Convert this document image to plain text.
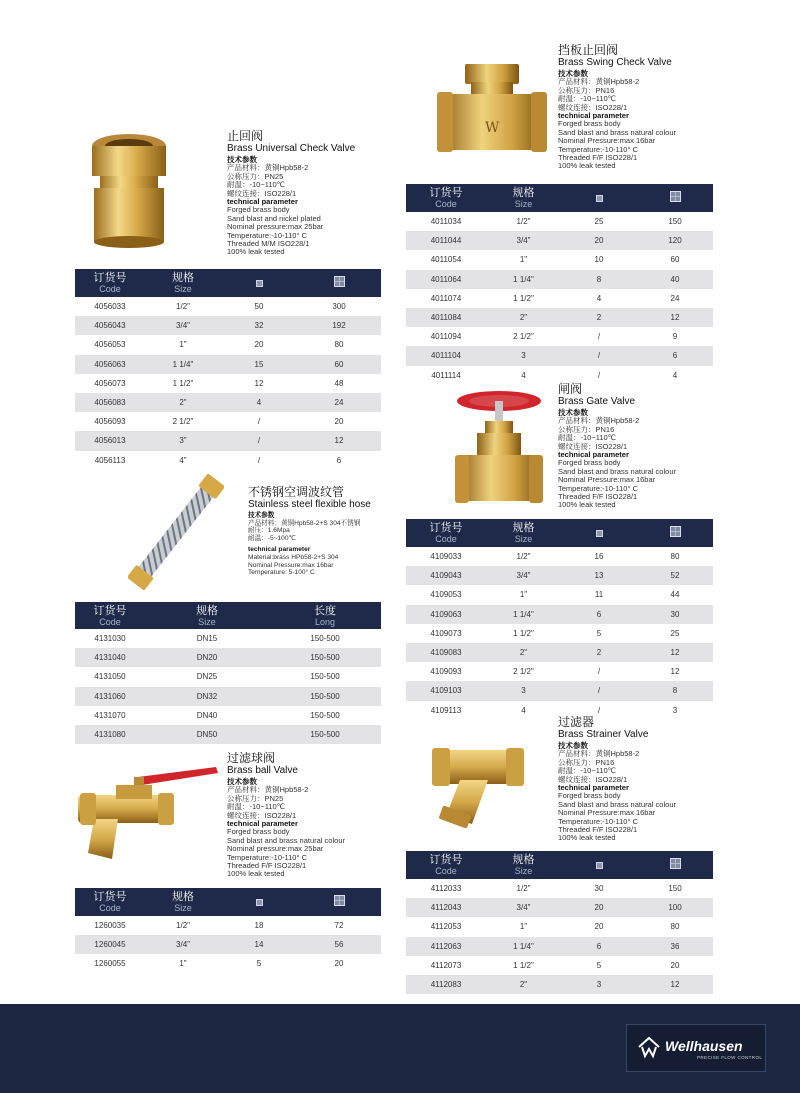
止回阀
Brass Universal Check Valve
技术参数
产品材料：黄铜Hpb58-2
公称压力：PN25
耐温：-10~110℃
螺纹连接：ISO228/1
technical parameter
Forged brass body
Sand blast and nickel plated
Nominal pressure:max 25bar
Temperature:-10-110° C
Threaded M/M ISO228/1
100% leak tested
订货号
Code	规格
Size		

4056033	1/2"	50	300
4056043	3/4"	32	192
4056053	1"	20	80
4056063	1 1/4"	15	60
4056073	1 1/2"	12	48
4056083	2"	4	24
4056093	2 1/2"	/	20
4056013	3"	/	12
4056113	4"	/	6
W
挡板止回阀
Brass Swing Check Valve
技术参数
产品材料：黄铜Hpb58-2
公称压力：PN16
耐温：-10~110℃
螺纹连接：ISO228/1
technical parameter
Forged brass body
Sand blast and brass natural colour
Nominal Pressure:max 16bar
Temperature:-10-110° C
Threaded F/F ISO228/1
100% leak tested
订货号
Code	规格
Size		

4011034	1/2"	25	150
4011044	3/4"	20	120
4011054	1"	10	60
4011064	1 1/4"	8	40
4011074	1 1/2"	4	24
4011084	2"	2	12
4011094	2 1/2"	/	9
4011104	3	/	6
4011114	4	/	4
不锈钢空调波纹管
Stainless steel flexible hose
技术参数
产品材料：黄铜Hpb58-2+S 304不锈钢
耐压：1.6Mpa
耐温：-5~100℃
technical parameter
Material:brass HPb58-2+S 304
Nominal Pressure:max 16bar
Temperature: 5-100° C
订货号
Code	规格
Size	长度
Long

4131030	DN15	150-500
4131040	DN20	150-500
4131050	DN25	150-500
4131060	DN32	150-500
4131070	DN40	150-500
4131080	DN50	150-500
闸阀
Brass Gate Valve
技术参数
产品材料：黄铜Hpb58-2
公称压力：PN16
耐温：-10~110℃
螺纹连接：ISO228/1
technical parameter
Forged brass body
Sand blast and brass natural colour
Nominal Pressure:max 16bar
Temperature:-10-110° C
Threaded F/F ISO228/1
100% leak tested
订货号
Code	规格
Size		

4109033	1/2"	16	80
4109043	3/4"	13	52
4109053	1"	11	44
4109063	1 1/4"	6	30
4109073	1 1/2"	5	25
4109083	2"	2	12
4109093	2 1/2"	/	12
4109103	3	/	8
4109113	4	/	3
过滤球阀
Brass ball Valve
技术参数
产品材料：黄铜Hpb58-2
公称压力：PN25
耐温：-10~110℃
螺纹连接：ISO228/1
technical parameter
Forged brass body
Sand blast and brass natural colour
Nominal pressure:max 25bar
Temperature:-10-110° C
Threaded F/F ISO228/1
100% leak tested
订货号
Code	规格
Size		

1260035	1/2"	18	72
1260045	3/4"	14	56
1260055	1"	5	20
过滤器
Brass Strainer Valve
技术参数
产品材料：黄铜Hpb58-2
公称压力：PN16
耐温：-10~110℃
螺纹连接：ISO228/1
technical parameter
Forged brass body
Sand blast and brass natural colour
Nominal Pressure:max 16bar
Temperature:-10-110° C
Threaded F/F ISO228/1
100% leak tested
订货号
Code	规格
Size		

4112033	1/2"	30	150
4112043	3/4"	20	100
4112053	1"	20	80
4112063	1 1/4"	6	36
4112073	1 1/2"	5	20
4112083	2"	3	12
Wellhausen
PRECISE FLOW CONTROL
